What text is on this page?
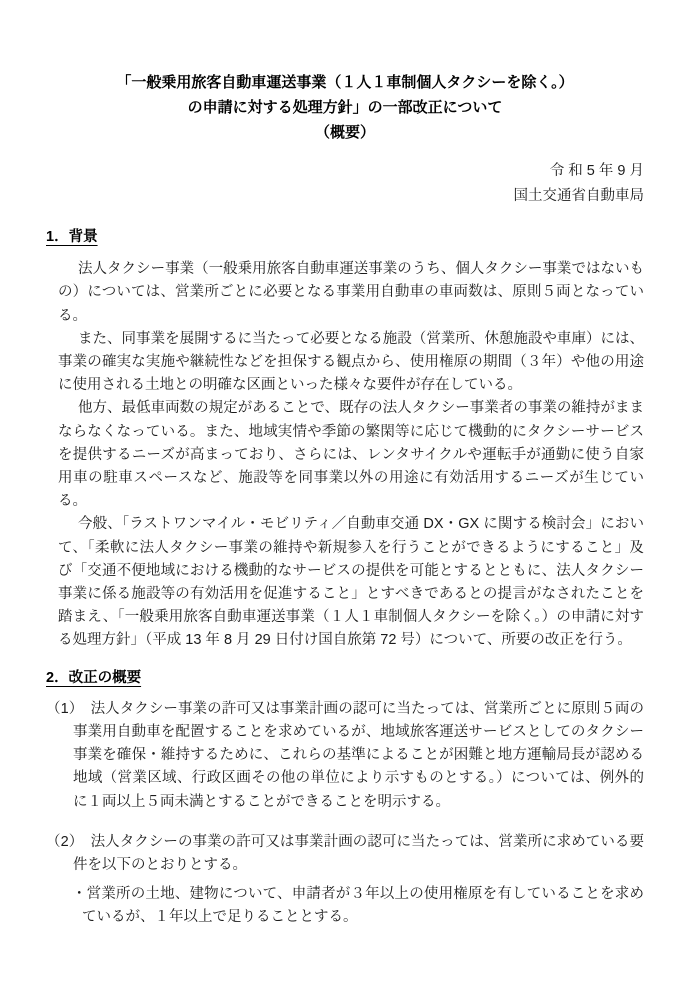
「一般乗用旅客自動車運送事業（１人１車制個人タクシーを除く。）
の申請に対する処理方針」の一部改正について
（概要）
令 和 5 年 9 月
国土交通省自動車局
1．背景

法人タクシー事業（一般乗用旅客自動車運送事業のうち、個人タクシー事業ではないもの）については、営業所ごとに必要となる事業用自動車の車両数は、原則５両となっている。

また、同事業を展開するに当たって必要となる施設（営業所、休憩施設や車庫）には、事業の確実な実施や継続性などを担保する観点から、使用権原の期間（３年）や他の用途に使用される土地との明確な区画といった様々な要件が存在している。

他方、最低車両数の規定があることで、既存の法人タクシー事業者の事業の維持がままならなくなっている。また、地域実情や季節の繁閑等に応じて機動的にタクシーサービスを提供するニーズが高まっており、さらには、レンタサイクルや運転手が通勤に使う自家用車の駐車スペースなど、施設等を同事業以外の用途に有効活用するニーズが生じている。

今般、「ラストワンマイル・モビリティ／自動車交通 DX・GX に関する検討会」において、「柔軟に法人タクシー事業の維持や新規参入を行うことができるようにすること」及び「交通不便地域における機動的なサービスの提供を可能とするとともに、法人タクシー事業に係る施設等の有効活用を促進すること」とすべきであるとの提言がなされたことを踏まえ、「一般乗用旅客自動車運送事業（１人１車制個人タクシーを除く。）の申請に対する処理方針」（平成 13 年 8 月 29 日付け国自旅第 72 号）について、所要の改正を行う。

2．改正の概要

（1）　法人タクシー事業の許可又は事業計画の認可に当たっては、営業所ごとに原則５両の事業用自動車を配置することを求めているが、地域旅客運送サービスとしてのタクシー事業を確保・維持するために、これらの基準によることが困難と地方運輸局長が認める地域（営業区域、行政区画その他の単位により示すものとする。）については、例外的に１両以上５両未満とすることができることを明示する。

（2）　法人タクシーの事業の許可又は事業計画の認可に当たっては、営業所に求めている要件を以下のとおりとする。

・営業所の土地、建物について、申請者が３年以上の使用権原を有していることを求めているが、１年以上で足りることとする。
